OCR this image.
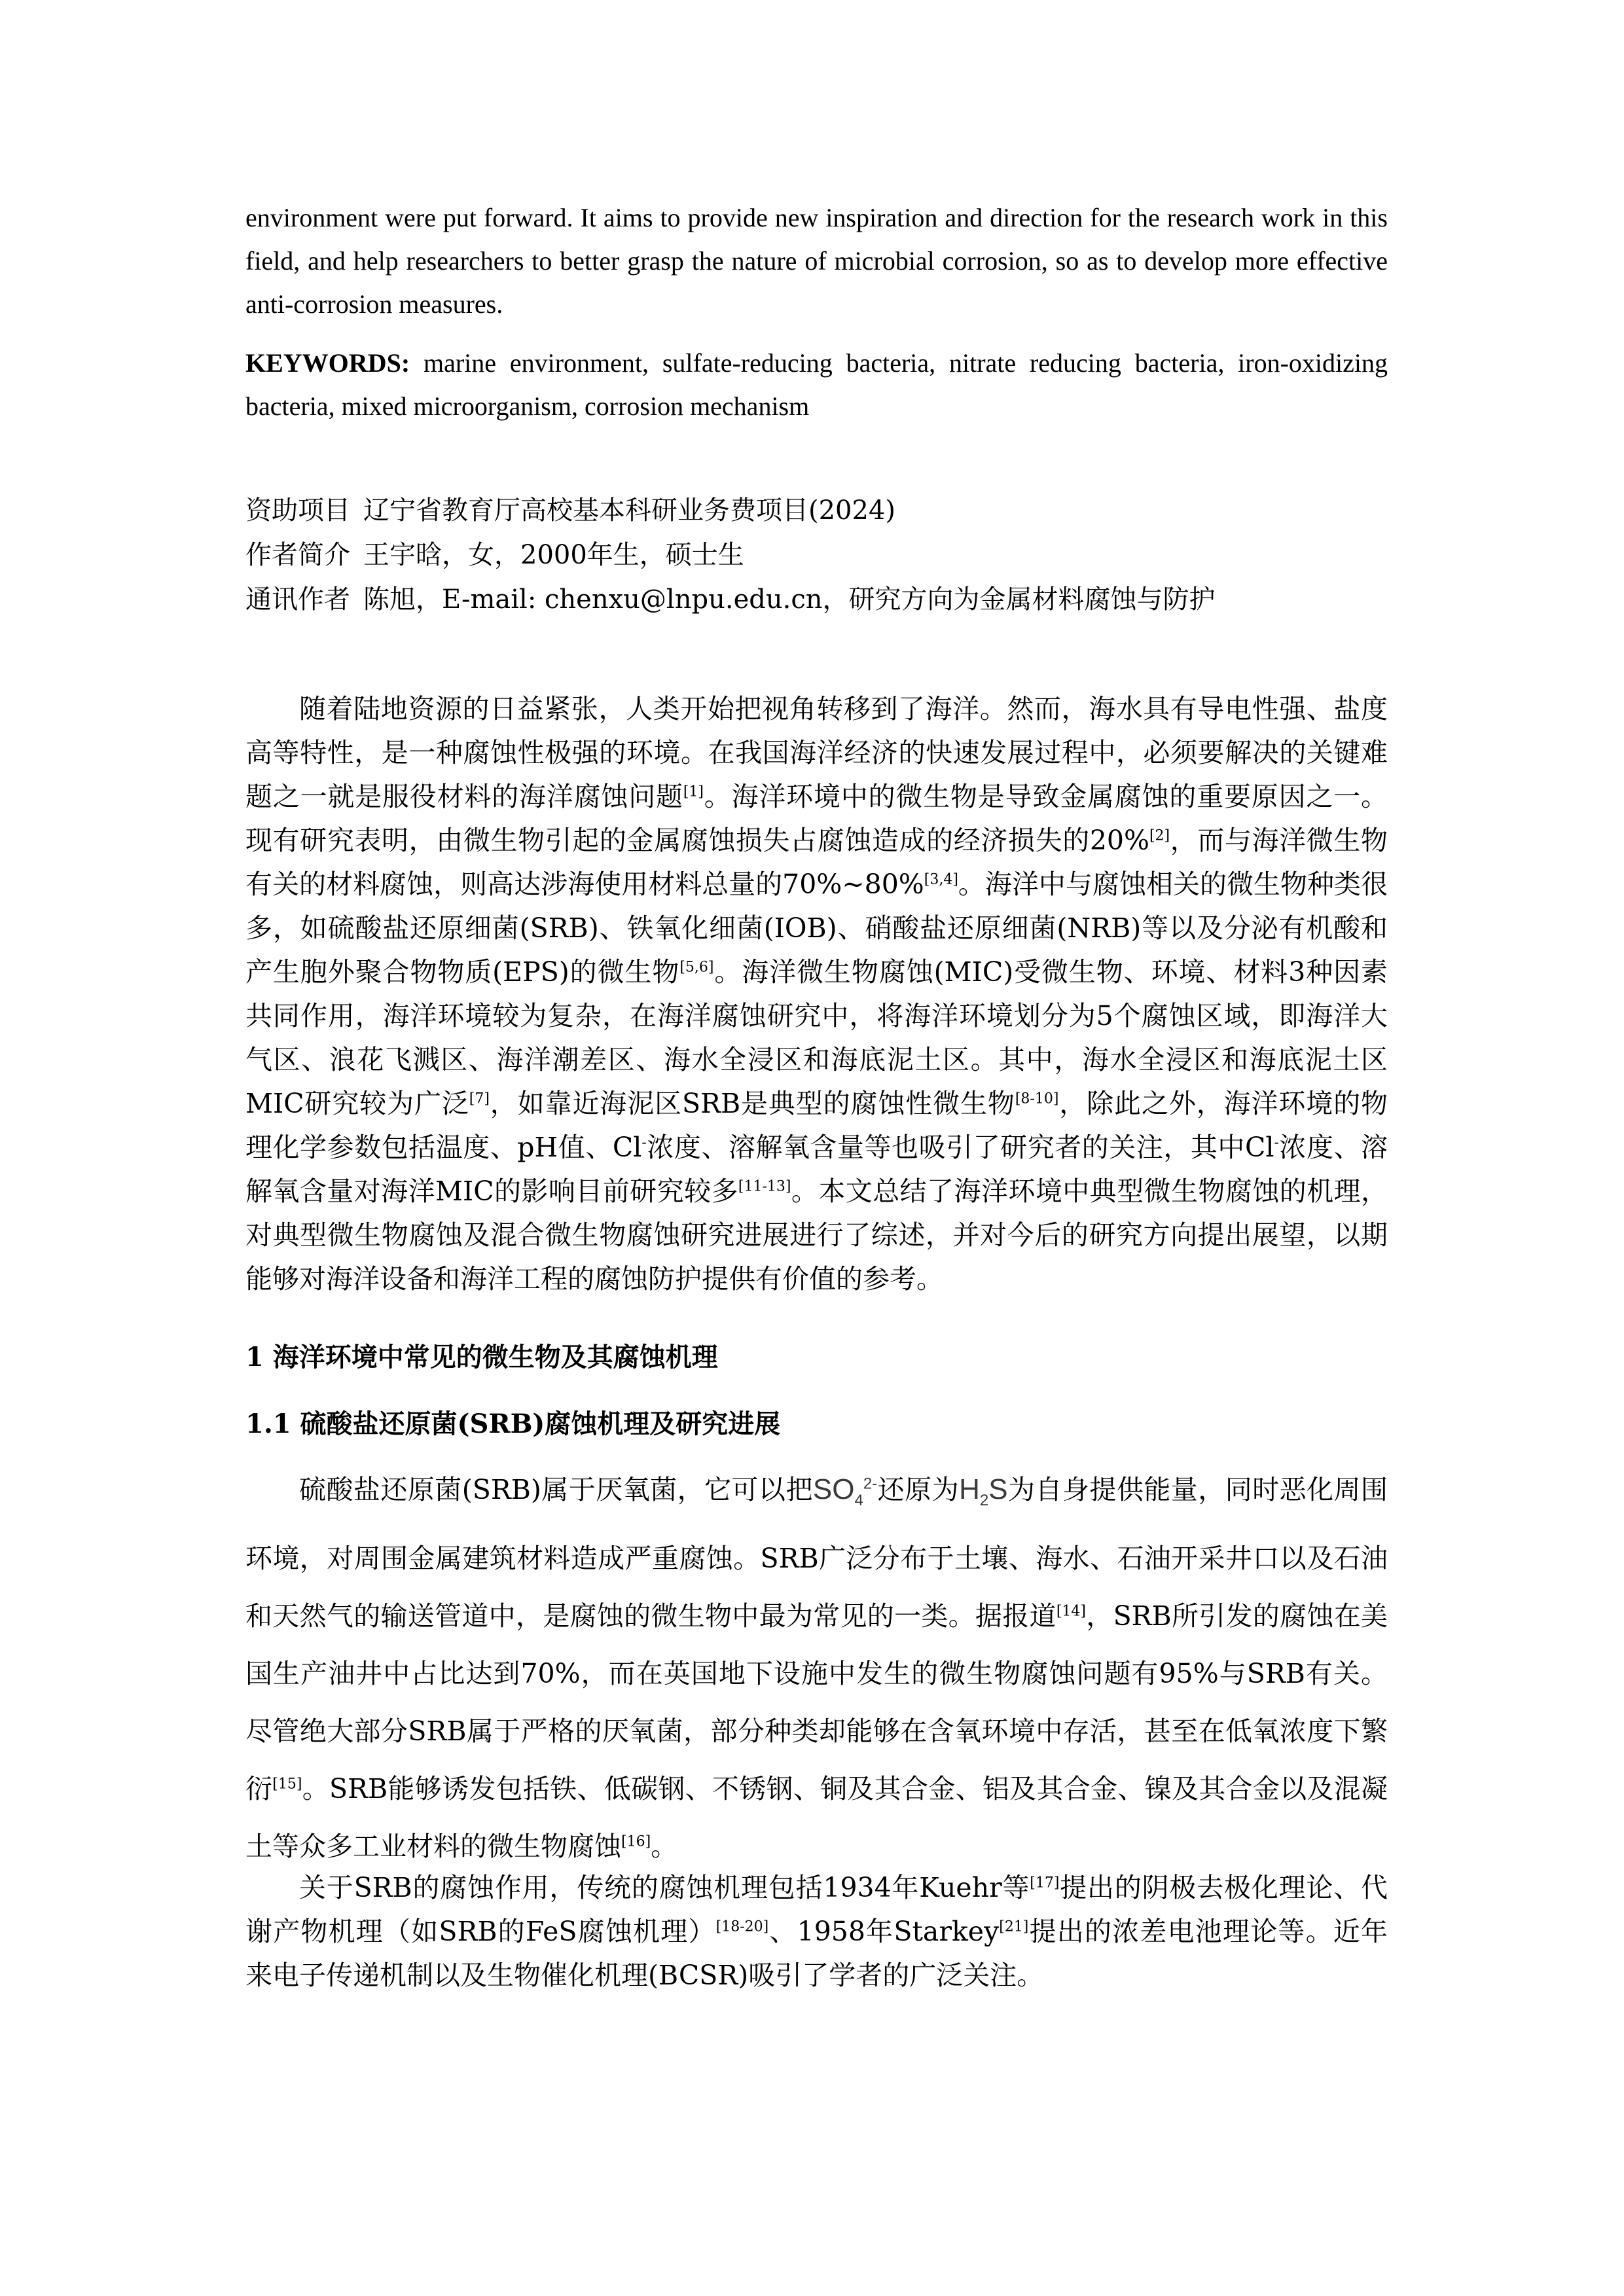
environment were put forward. It aims to provide new inspiration and direction for the research work in this field, and help researchers to better grasp the nature of microbial corrosion, so as to develop more effective anti-corrosion measures.

KEYWORDS: marine environment, sulfate-reducing bacteria, nitrate reducing bacteria, iron-oxidizing bacteria, mixed microorganism, corrosion mechanism

资助项目 辽宁省教育厅高校基本科研业务费项目(2024)

作者简介 王宇晗，女，2000年生，硕士生

通讯作者 陈旭，E-mail: chenxu@lnpu.edu.cn，研究方向为金属材料腐蚀与防护

随着陆地资源的日益紧张，人类开始把视角转移到了海洋。然而，海水具有导电性强、盐度高等特性，是一种腐蚀性极强的环境。在我国海洋经济的快速发展过程中，必须要解决的关键难题之一就是服役材料的海洋腐蚀问题[1]。海洋环境中的微生物是导致金属腐蚀的重要原因之一。现有研究表明，由微生物引起的金属腐蚀损失占腐蚀造成的经济损失的20%[2]，而与海洋微生物有关的材料腐蚀，则高达涉海使用材料总量的70%~80%[3,4]。海洋中与腐蚀相关的微生物种类很多，如硫酸盐还原细菌(SRB)、铁氧化细菌(IOB)、硝酸盐还原细菌(NRB)等以及分泌有机酸和产生胞外聚合物物质(EPS)的微生物[5,6]。海洋微生物腐蚀(MIC)受微生物、环境、材料3种因素共同作用，海洋环境较为复杂，在海洋腐蚀研究中，将海洋环境划分为5个腐蚀区域，即海洋大气区、浪花飞溅区、海洋潮差区、海水全浸区和海底泥土区。其中，海水全浸区和海底泥土区MIC研究较为广泛[7]，如靠近海泥区SRB是典型的腐蚀性微生物[8-10]，除此之外，海洋环境的物理化学参数包括温度、pH值、Cl-浓度、溶解氧含量等也吸引了研究者的关注，其中Cl-浓度、溶解氧含量对海洋MIC的影响目前研究较多[11-13]。本文总结了海洋环境中典型微生物腐蚀的机理，对典型微生物腐蚀及混合微生物腐蚀研究进展进行了综述，并对今后的研究方向提出展望，以期能够对海洋设备和海洋工程的腐蚀防护提供有价值的参考。

1 海洋环境中常见的微生物及其腐蚀机理
1.1 硫酸盐还原菌(SRB)腐蚀机理及研究进展

硫酸盐还原菌(SRB)属于厌氧菌，它可以把$SO_4^{2-}$还原为$H_2S$为自身提供能量，同时恶化周围环境，对周围金属建筑材料造成严重腐蚀。SRB广泛分布于土壤、海水、石油开采井口以及石油和天然气的输送管道中，是腐蚀的微生物中最为常见的一类。据报道[14]，SRB所引发的腐蚀在美国生产油井中占比达到70%，而在英国地下设施中发生的微生物腐蚀问题有95%与SRB有关。尽管绝大部分SRB属于严格的厌氧菌，部分种类却能够在含氧环境中存活，甚至在低氧浓度下繁衍[15]。SRB能够诱发包括铁、低碳钢、不锈钢、铜及其合金、铝及其合金、镍及其合金以及混凝土等众多工业材料的微生物腐蚀[16]。

关于SRB的腐蚀作用，传统的腐蚀机理包括1934年Kuehr等[17]提出的阴极去极化理论、代谢产物机理（如SRB的FeS腐蚀机理）[18-20]、1958年Starkey[21]提出的浓差电池理论等。近年来电子传递机制以及生物催化机理(BCSR)吸引了学者的广泛关注。
